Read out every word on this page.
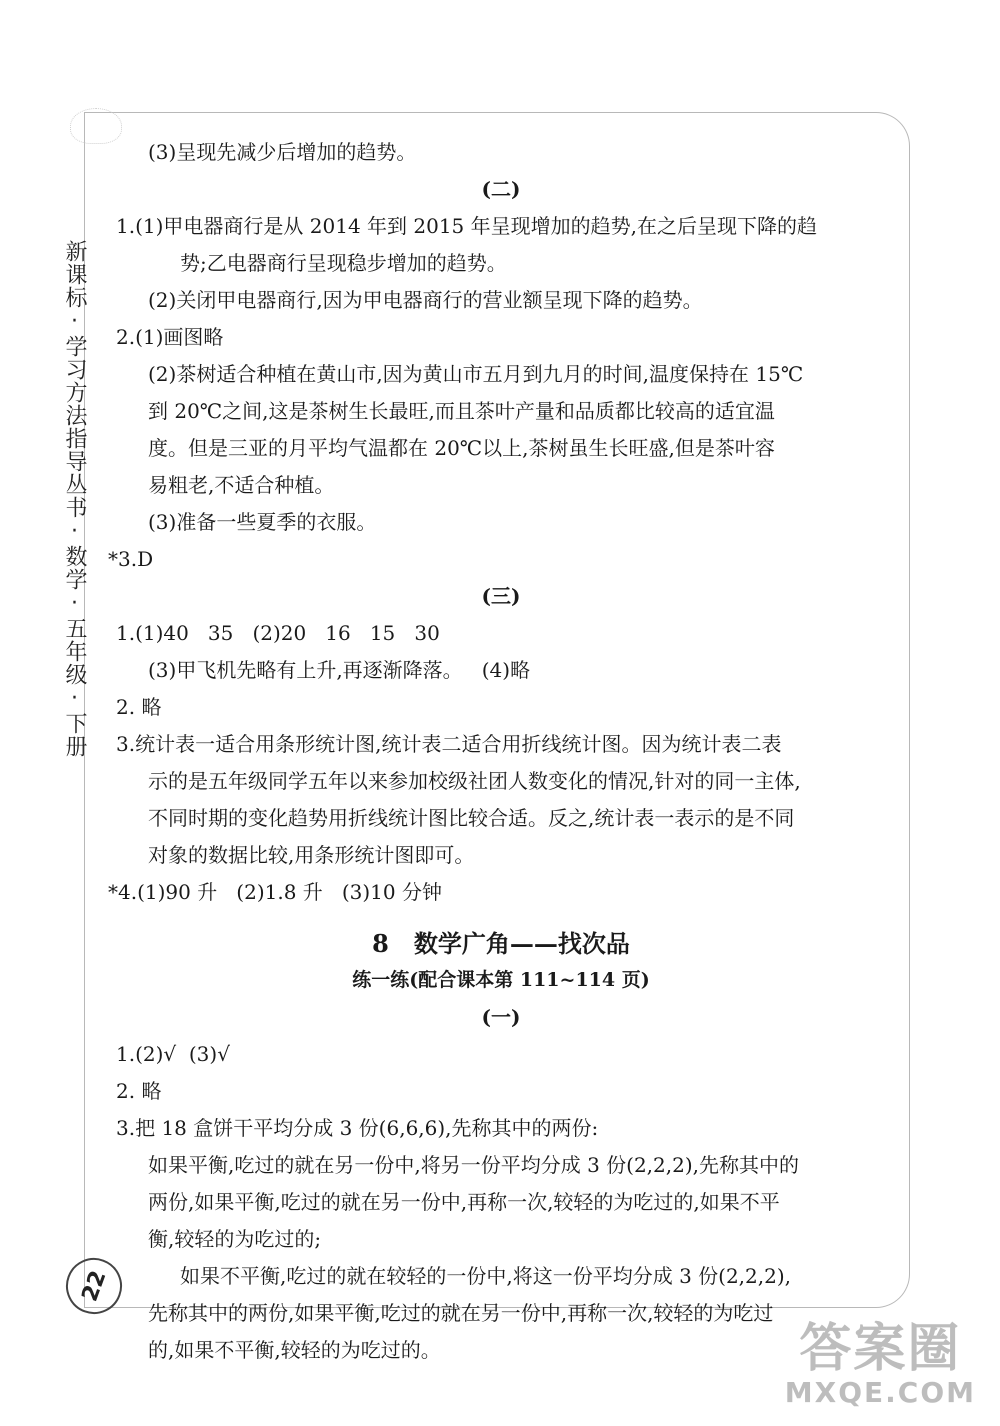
新课标·学习方法指导丛书·数学·五年级·下册
(3)呈现先减少后增加的趋势。
(二)
1.(1)甲电器商行是从 2014 年到 2015 年呈现增加的趋势,在之后呈现下降的趋
势;乙电器商行呈现稳步增加的趋势。
(2)关闭甲电器商行,因为甲电器商行的营业额呈现下降的趋势。
2.(1)画图略
(2)茶树适合种植在黄山市,因为黄山市五月到九月的时间,温度保持在 15℃
到 20℃之间,这是茶树生长最旺,而且茶叶产量和品质都比较高的适宜温
度。但是三亚的月平均气温都在 20℃以上,茶树虽生长旺盛,但是茶叶容
易粗老,不适合种植。
(3)准备一些夏季的衣服。
*3.D
(三)
1.(1)40   35   (2)20   16   15   30
(3)甲飞机先略有上升,再逐渐降落。   (4)略
2. 略
3.统计表一适合用条形统计图,统计表二适合用折线统计图。因为统计表二表
示的是五年级同学五年以来参加校级社团人数变化的情况,针对的同一主体,
不同时期的变化趋势用折线统计图比较合适。反之,统计表一表示的是不同
对象的数据比较,用条形统计图即可。
*4.(1)90 升   (2)1.8 升   (3)10 分钟
8   数学广角——找次品
练一练(配合课本第 111~114 页)
(一)
1.(2)√  (3)√
2. 略
3.把 18 盒饼干平均分成 3 份(6,6,6),先称其中的两份:
如果平衡,吃过的就在另一份中,将另一份平均分成 3 份(2,2,2),先称其中的
两份,如果平衡,吃过的就在另一份中,再称一次,较轻的为吃过的,如果不平
衡,较轻的为吃过的;
如果不平衡,吃过的就在较轻的一份中,将这一份平均分成 3 份(2,2,2),
先称其中的两份,如果平衡,吃过的就在另一份中,再称一次,较轻的为吃过
的,如果不平衡,较轻的为吃过的。
22
答案圈
MXQE.COM
